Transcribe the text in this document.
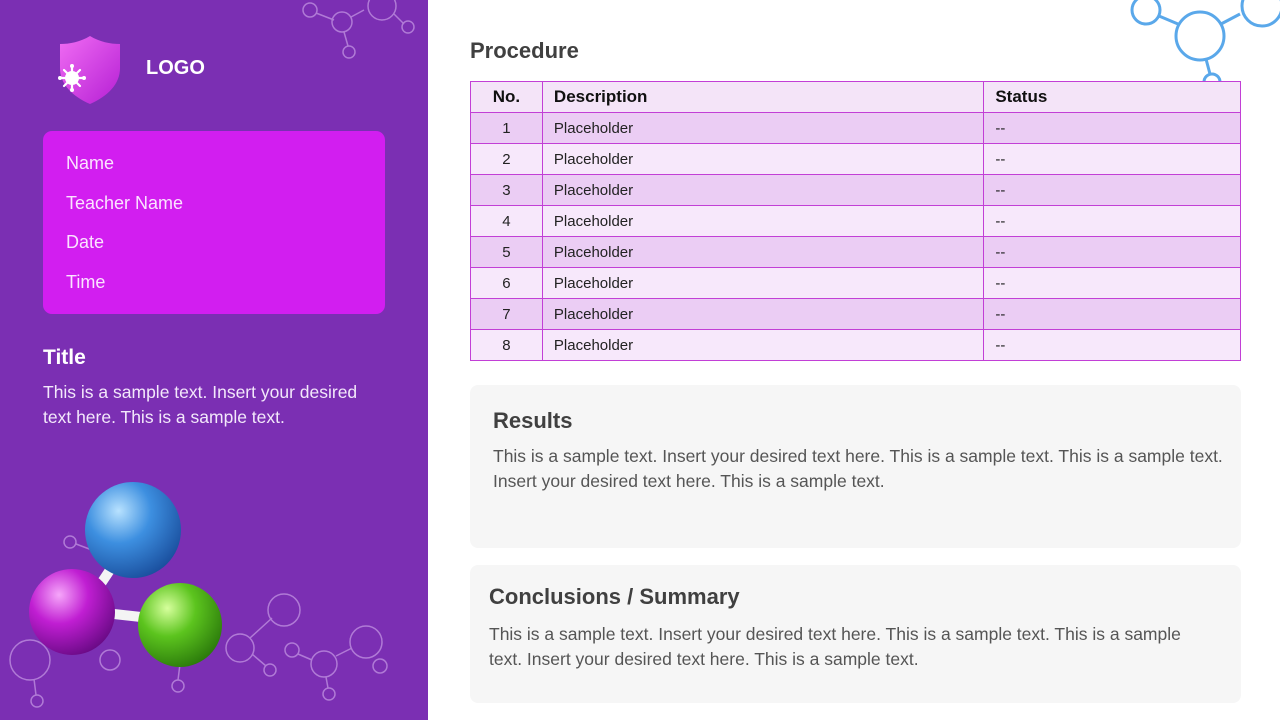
LOGO
Name
Teacher Name
Date
Time
Title
This is a sample text. Insert your desired text here. This is a sample text.
Procedure
No.	Description	Status
1	Placeholder	--
2	Placeholder	--
3	Placeholder	--
4	Placeholder	--
5	Placeholder	--
6	Placeholder	--
7	Placeholder	--
8	Placeholder	--
Results
This is a sample text. Insert your desired text here. This is a sample text. This is a sample text. Insert your desired text here. This is a sample text.
Conclusions / Summary
This is a sample text. Insert your desired text here. This is a sample text. This is a sample text. Insert your desired text here. This is a sample text.
